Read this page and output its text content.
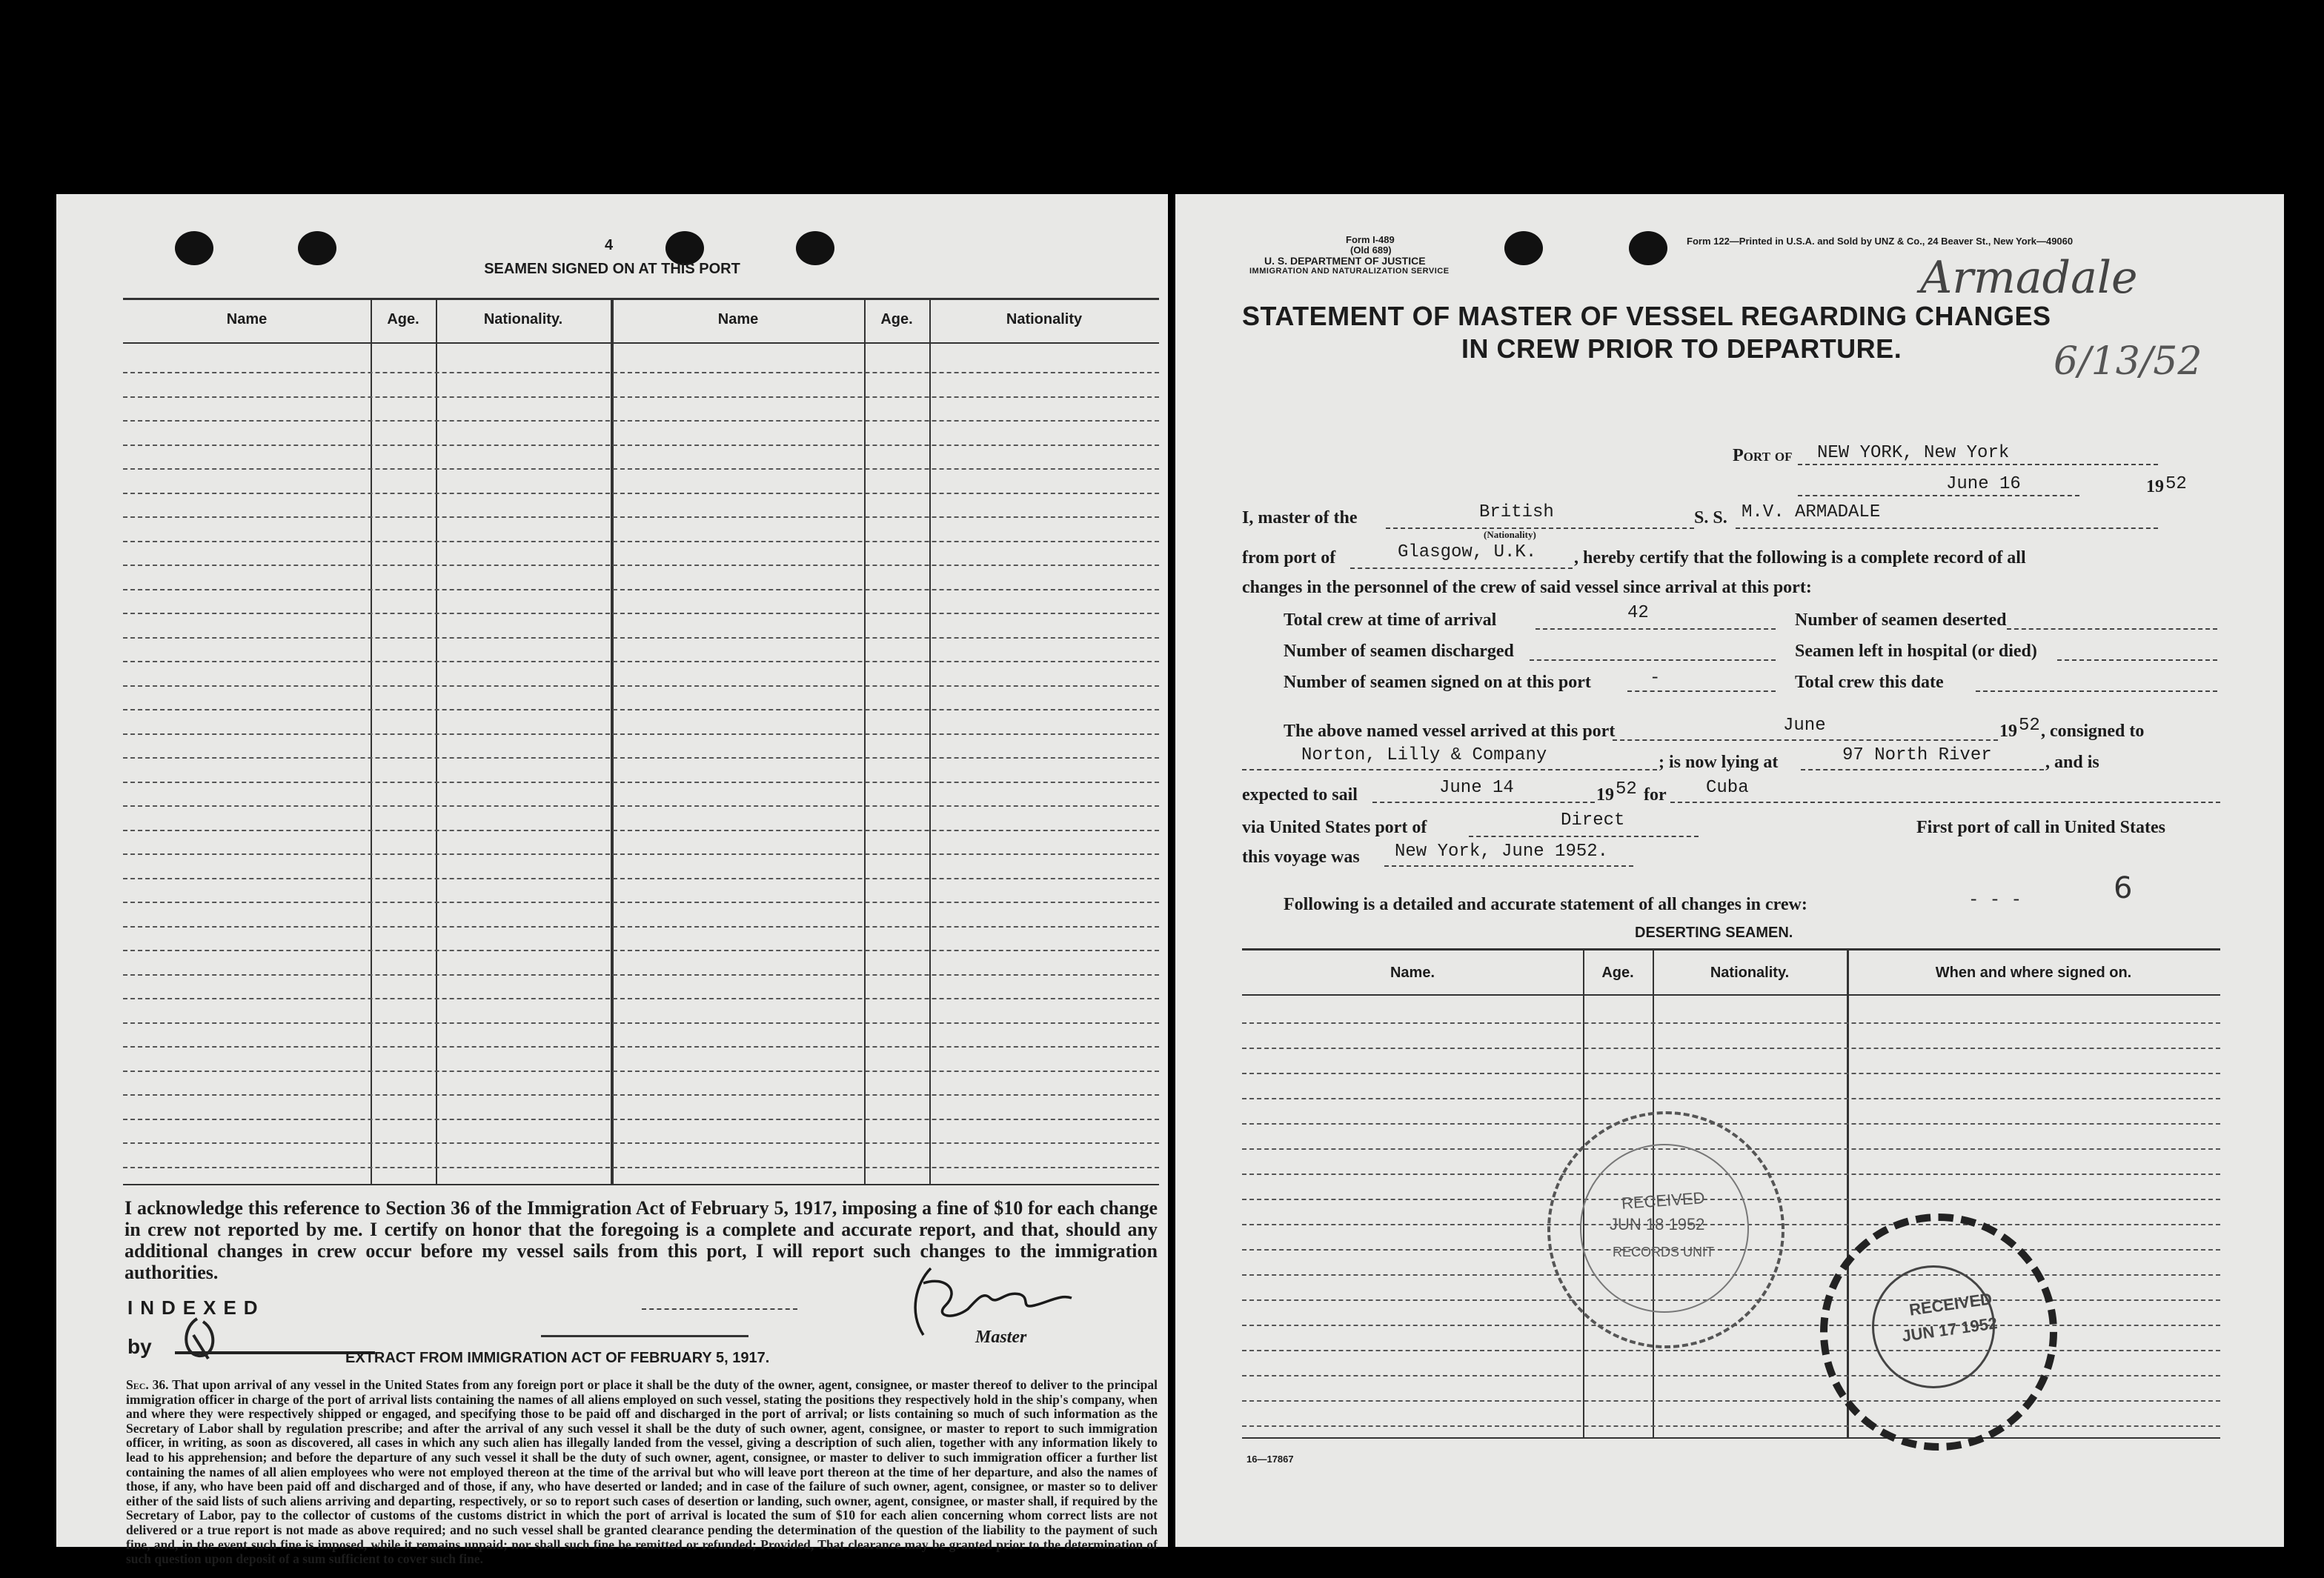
4
SEAMEN SIGNED ON AT THIS PORT
Name	Age.	Nationality.	Name	Age.	Nationality
I acknowledge this reference to Section 36 of the Immigration Act of February 5, 1917, imposing a fine of $10 for each change in crew not reported by me. I certify on honor that the foregoing is a complete and accurate report, and that, should any additional changes in crew occur before my vessel sails from this port, I will report such changes to the immigration authorities.
INDEXED
by	Master
EXTRACT FROM IMMIGRATION ACT OF FEBRUARY 5, 1917.
Sec. 36. That upon arrival of any vessel in the United States from any foreign port or place it shall be the duty of the owner, agent, consignee, or master thereof to deliver to the principal immigration officer in charge of the port of arrival lists containing the names of all aliens employed on such vessel, stating the positions they respectively hold in the ship's company, when and where they were respectively shipped or engaged, and specifying those to be paid off and discharged in the port of arrival; or lists containing so much of such information as the Secretary of Labor shall by regulation prescribe; and after the arrival of any such vessel it shall be the duty of such owner, agent, consignee, or master to report to such immigration officer, in writing, as soon as discovered, all cases in which any such alien has illegally landed from the vessel, giving a description of such alien, together with any information likely to lead to his apprehension; and before the departure of any such vessel it shall be the duty of such owner, agent, consignee, or master to deliver to such immigration officer a further list containing the names of all alien employees who were not employed thereon at the time of the arrival but who will leave port thereon at the time of her departure, and also the names of those, if any, who have been paid off and discharged and of those, if any, who have deserted or landed; and in case of the failure of such owner, agent, consignee, or master so to deliver either of the said lists of such aliens arriving and departing, respectively, or so to report such cases of desertion or landing, such owner, agent, consignee, or master shall, if required by the Secretary of Labor, pay to the collector of customs of the customs district in which the port of arrival is located the sum of $10 for each alien concerning whom correct lists are not delivered or a true report is not made as above required; and no such vessel shall be granted clearance pending the determination of the question of the liability to the payment of such fine, and, in the event such fine is imposed, while it remains unpaid; nor shall such fine be remitted or refunded; Provided, That clearance may be granted prior to the determination of such question upon deposit of a sum sufficient to cover such fine.
Form I-489
(Old 689)
U. S. DEPARTMENT OF JUSTICE
IMMIGRATION AND NATURALIZATION SERVICE
Form 122—Printed in U.S.A. and Sold by UNZ & Co., 24 Beaver St., New York—49060
Armadale
6/13/52
STATEMENT OF MASTER OF VESSEL REGARDING CHANGES
IN CREW PRIOR TO DEPARTURE.
Port of NEW YORK, New York
June 16	19 52
I, master of the	British
(Nationality)
S. S. M.V. ARMADALE
from port of	Glasgow, U.K. , hereby certify that the following is a complete record of all
changes in the personnel of the crew of said vessel since arrival at this port:
Total crew at time of arrival	42	Number of seamen deserted
Number of seamen discharged	Seamen left in hospital (or died)
Number of seamen signed on at this port	-	Total crew this date
The above named vessel arrived at this port	June	19 52 , consigned to
Norton, Lilly & Company	; is now lying at	97 North River	, and is
expected to sail	June 14	19 52 for Cuba
via United States port of	Direct	First port of call in United States
this voyage was New York, June 1952.
Following is a detailed and accurate statement of all changes in crew:	- - -	6
DESERTING SEAMEN.
Name.	Age.	Nationality.	When and where signed on.
RECEIVED
JUN 18 1952
RECORDS UNIT
RECEIVED
JUN 17 1952
16—17867
